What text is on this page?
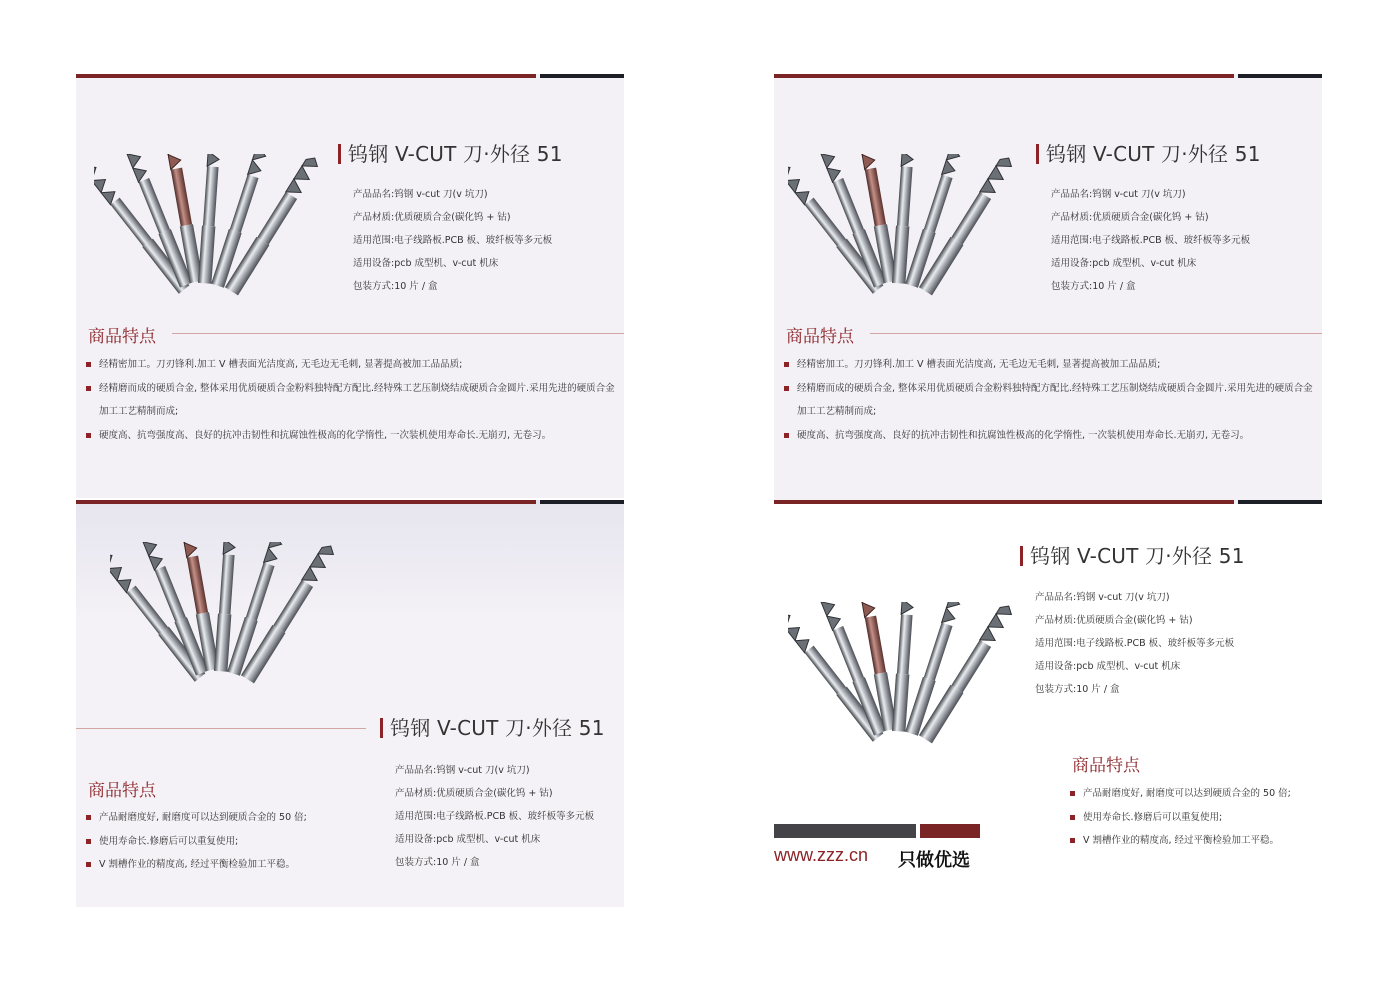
钨钢 V-CUT 刀·外径 51
产品品名:钨钢 v-cut 刀(v 坑刀)
产品材质:优质硬质合金(碳化钨 + 钴)
适用范围:电子线路板.PCB 板、玻纤板等多元板
适用设备:pcb 成型机、v-cut 机床
包装方式:10 片 / 盒
商品特点
经精密加工。刀刃锋利.加工 V 槽表面光洁度高, 无毛边无毛刺, 显著提高被加工品品质;
经精磨而成的硬质合金, 整体采用优质硬质合金粉料独特配方配比.经特殊工艺压制烧结成硬质合金圆片.采用先进的硬质合金加工工艺精制而成;
硬度高、抗弯强度高、良好的抗冲击韧性和抗腐蚀性极高的化学惰性, 一次装机使用寿命长.无崩刃, 无卷习。
钨钢 V-CUT 刀·外径 51
产品品名:钨钢 v-cut 刀(v 坑刀)
产品材质:优质硬质合金(碳化钨 + 钴)
适用范围:电子线路板.PCB 板、玻纤板等多元板
适用设备:pcb 成型机、v-cut 机床
包装方式:10 片 / 盒
商品特点
经精密加工。刀刃锋利.加工 V 槽表面光洁度高, 无毛边无毛刺, 显著提高被加工品品质;
经精磨而成的硬质合金, 整体采用优质硬质合金粉料独特配方配比.经特殊工艺压制烧结成硬质合金圆片.采用先进的硬质合金加工工艺精制而成;
硬度高、抗弯强度高、良好的抗冲击韧性和抗腐蚀性极高的化学惰性, 一次装机使用寿命长.无崩刃, 无卷习。
钨钢 V-CUT 刀·外径 51
商品特点
产品耐磨度好, 耐磨度可以达到硬质合金的 50 倍;
使用寿命长.修磨后可以重复使用;
V 割槽作业的精度高, 经过平衡检验加工平稳。
产品品名:钨钢 v-cut 刀(v 坑刀)
产品材质:优质硬质合金(碳化钨 + 钴)
适用范围:电子线路板.PCB 板、玻纤板等多元板
适用设备:pcb 成型机、v-cut 机床
包装方式:10 片 / 盒
钨钢 V-CUT 刀·外径 51
产品品名:钨钢 v-cut 刀(v 坑刀)
产品材质:优质硬质合金(碳化钨 + 钴)
适用范围:电子线路板.PCB 板、玻纤板等多元板
适用设备:pcb 成型机、v-cut 机床
包装方式:10 片 / 盒
商品特点
产品耐磨度好, 耐磨度可以达到硬质合金的 50 倍;
使用寿命长.修磨后可以重复使用;
V 割槽作业的精度高, 经过平衡检验加工平稳。
www.zzz.cn 只做优选
